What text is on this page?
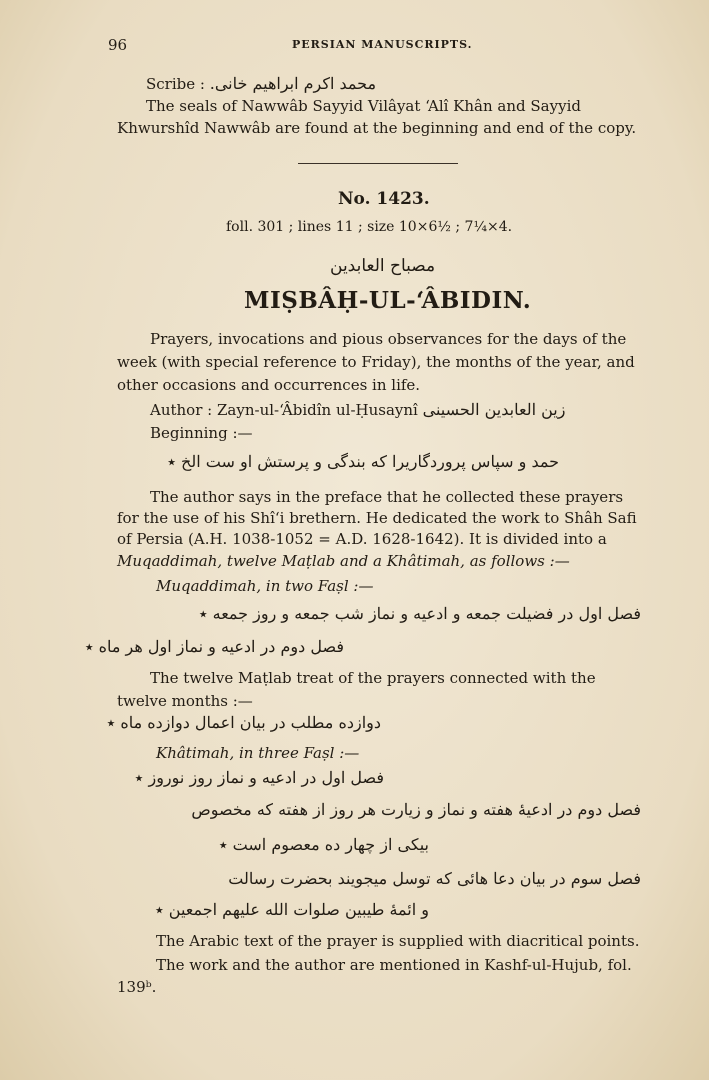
96	PERSIAN MANUSCRIPTS.
Scribe : محمد اکرم ابراهیم خانی.
The seals of Nawwâb Sayyid Vilâyat ‘Alî Khân and Sayyid
Khwurshîd Nawwâb are found at the beginning and end of the copy.
No. 1423.
foll. 301 ; lines 11 ; size 10×6½ ; 7¼×4.
مصباح العابدین
MIṢBÂḤ-UL-‘ÂBIDIN.
Prayers, invocations and pious observances for the days of the
week (with special reference to Friday), the months of the year, and
other occasions and occurrences in life.
Author : Zayn-ul-‘Âbidîn ul-Ḥusaynî زین العابدین الحسینی
Beginning :—
حمد و سپاس پروردگاریرا که بندگی و پرستش او ست الخ ٭
The author says in the preface that he collected these prayers
for the use of his Shî‘i brethern. He dedicated the work to Shâh Safi
of Persia (A.H. 1038-1052 = A.D. 1628-1642). It is divided into a
Muqaddimah, twelve Maṭlab and a Khâtimah, as follows :—
Muqaddimah, in two Faṣl :—
فصل اول در فضیلت جمعه و ادعیه و نماز شب جمعه و روز جمعه ٭
فصل دوم در ادعیه و نماز اول هر ماه ٭
The twelve Maṭlab treat of the prayers connected with the
twelve months :—
دوازده مطلب در بیان اعمال دوازده ماه ٭
Khâtimah, in three Faṣl :—
فصل اول در ادعیه و نماز روز نوروز ٭
فصل دوم در ادعیهٔ هفته و نماز و زیارت هر روز از هفته که مخصوص
بیکی از چهار ده معصوم است ٭
فصل سوم در بیان دعا هائی که توسل میجویند بحضرت رسالت
و ائمهٔ طیبین صلوات الله علیهم اجمعین ٭
The Arabic text of the prayer is supplied with diacritical points.
The work and the author are mentioned in Kashf-ul-Hujub, fol.
139ᵇ.
